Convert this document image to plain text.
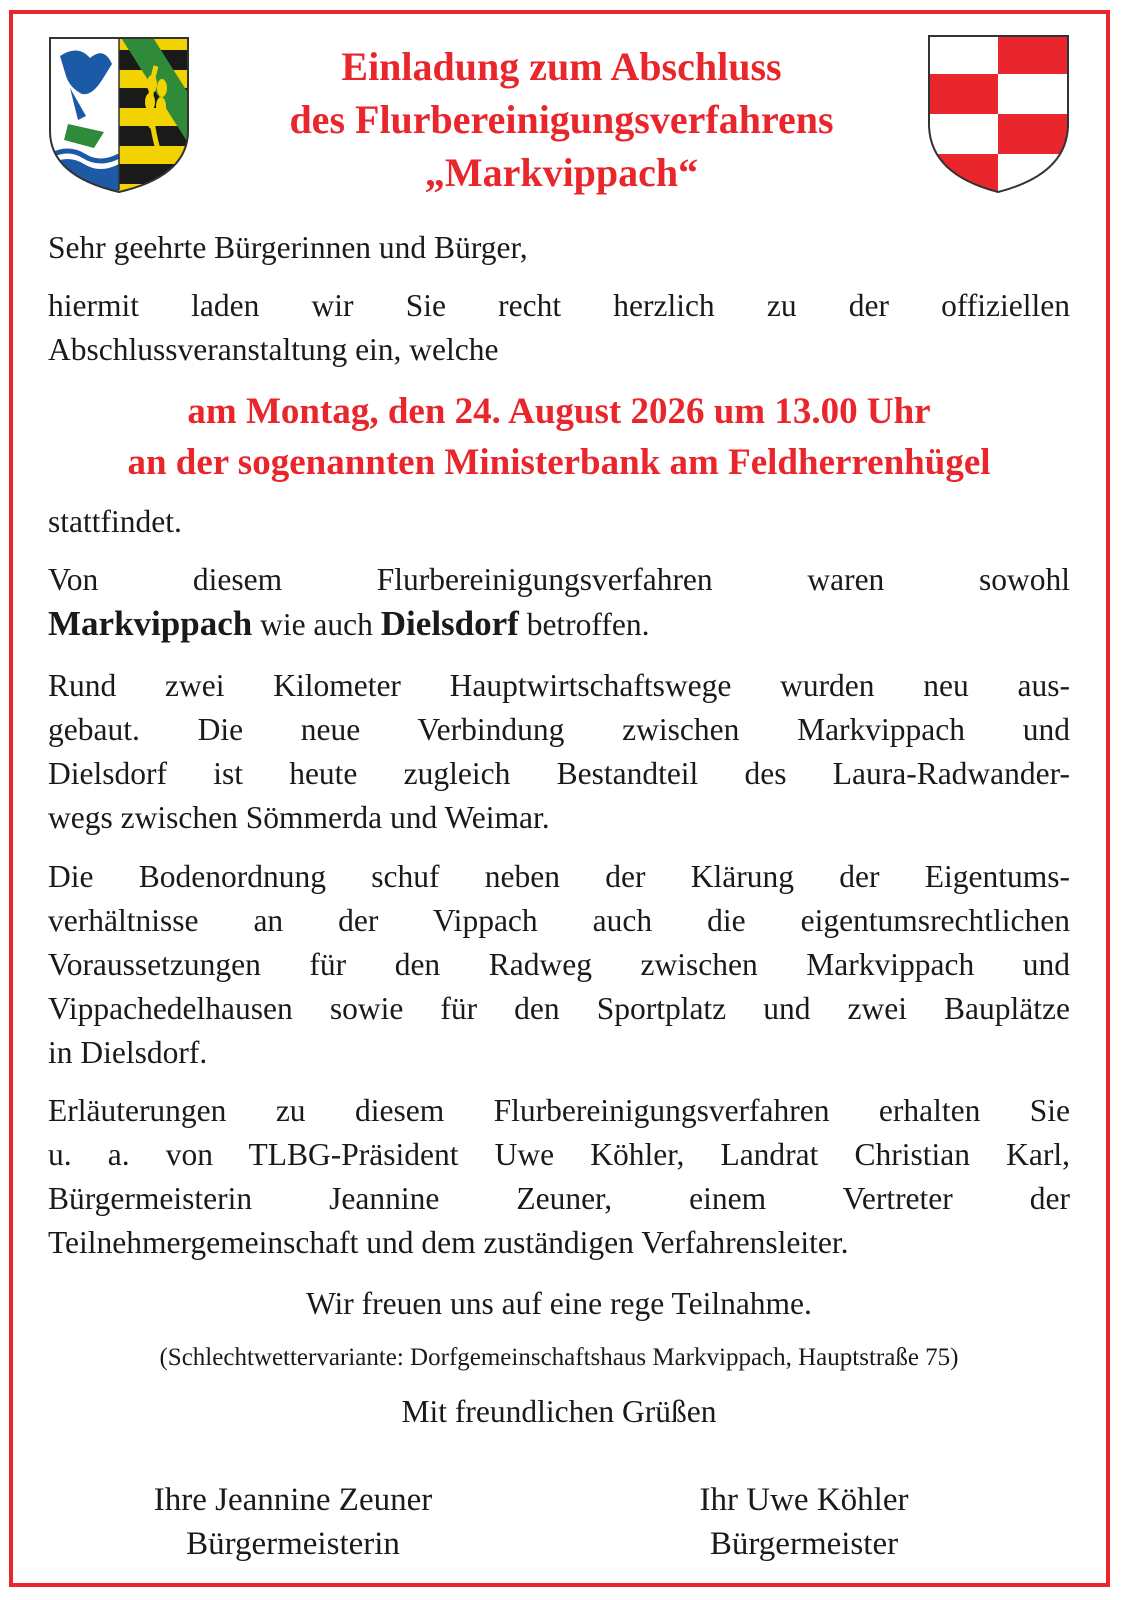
Einladung zum Abschluss
des Flurbereinigungsverfahrens
„Markvippach“
Sehr geehrte Bürgerinnen und Bürger,
hiermit laden wir Sie recht herzlich zu der offiziellen
Abschlussveranstaltung ein, welche
am Montag, den 24. August 2026 um 13.00 Uhr
an der sogenannten Ministerbank am Feldherrenhügel
stattfindet.
Von diesem Flurbereinigungsverfahren waren sowohl
Markvippach wie auch Dielsdorf betroffen.
Rund zwei Kilometer Hauptwirtschaftswege wurden neu aus-
gebaut. Die neue Verbindung zwischen Markvippach und
Dielsdorf ist heute zugleich Bestandteil des Laura-Radwander-
wegs zwischen Sömmerda und Weimar.
Die Bodenordnung schuf neben der Klärung der Eigentums-
verhältnisse an der Vippach auch die eigentumsrechtlichen
Voraussetzungen für den Radweg zwischen Markvippach und
Vippachedelhausen sowie für den Sportplatz und zwei Bauplätze
in Dielsdorf.
Erläuterungen zu diesem Flurbereinigungsverfahren erhalten Sie
u. a. von TLBG-Präsident Uwe Köhler, Landrat Christian Karl,
Bürgermeisterin Jeannine Zeuner, einem Vertreter der
Teilnehmergemeinschaft und dem zuständigen Verfahrensleiter.
Wir freuen uns auf eine rege Teilnahme.
(Schlechtwettervariante: Dorfgemeinschaftshaus Markvippach, Hauptstraße 75)
Mit freundlichen Grüßen
Ihre Jeannine Zeuner
Bürgermeisterin
Ihr Uwe Köhler
Bürgermeister
